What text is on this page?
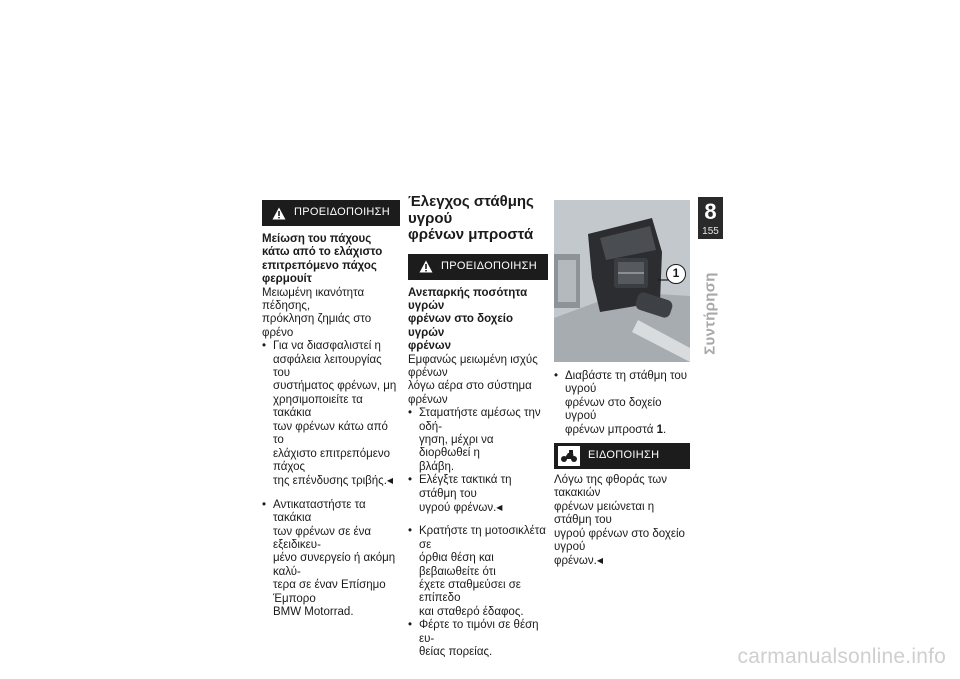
ΠΡΟΕΙΔΟΠΟΙΗΣΗ
Μείωση του πάχους
κάτω από το ελάχιστο
επιτρεπόμενο πάχος
φερμουίτ
Μειωμένη ικανότητα πέδησης,
πρόκληση ζημιάς στο φρένο
• Για να διασφαλιστεί η
ασφάλεια λειτουργίας του
συστήματος φρένων, μη
χρησιμοποιείτε τα τακάκια
των φρένων κάτω από το
ελάχιστο επιτρεπόμενο πάχος
της επένδυσης τριβής.◀
• Αντικαταστήστε τα τακάκια
των φρένων σε ένα εξειδικευ-
μένο συνεργείο ή ακόμη καλύ-
τερα σε έναν Επίσημο Έμπορο
BMW Motorrad.
Έλεγχος στάθμης υγρού
φρένων μπροστά
ΠΡΟΕΙΔΟΠΟΙΗΣΗ
Ανεπαρκής ποσότητα υγρών
φρένων στο δοχείο υγρών
φρένων
Εμφανώς μειωμένη ισχύς φρένων
λόγω αέρα στο σύστημα φρένων
• Σταματήστε αμέσως την οδή-
γηση, μέχρι να διορθωθεί η
βλάβη.
• Ελέγξτε τακτικά τη στάθμη του
υγρού φρένων.◀
• Κρατήστε τη μοτοσικλέτα σε
όρθια θέση και βεβαιωθείτε ότι
έχετε σταθμεύσει σε επίπεδο
και σταθερό έδαφος.
• Φέρτε το τιμόνι σε θέση ευ-
θείας πορείας.
1
• Διαβάστε τη στάθμη του υγρού
φρένων στο δοχείο υγρού
φρένων μπροστά 1.
ΕΙΔΟΠΟΙΗΣΗ
Λόγω της φθοράς των τακακιών
φρένων μειώνεται η στάθμη του
υγρού φρένων στο δοχείο υγρού
φρένων.◀
8
155
Συντήρηση
carmanualsonline.info
